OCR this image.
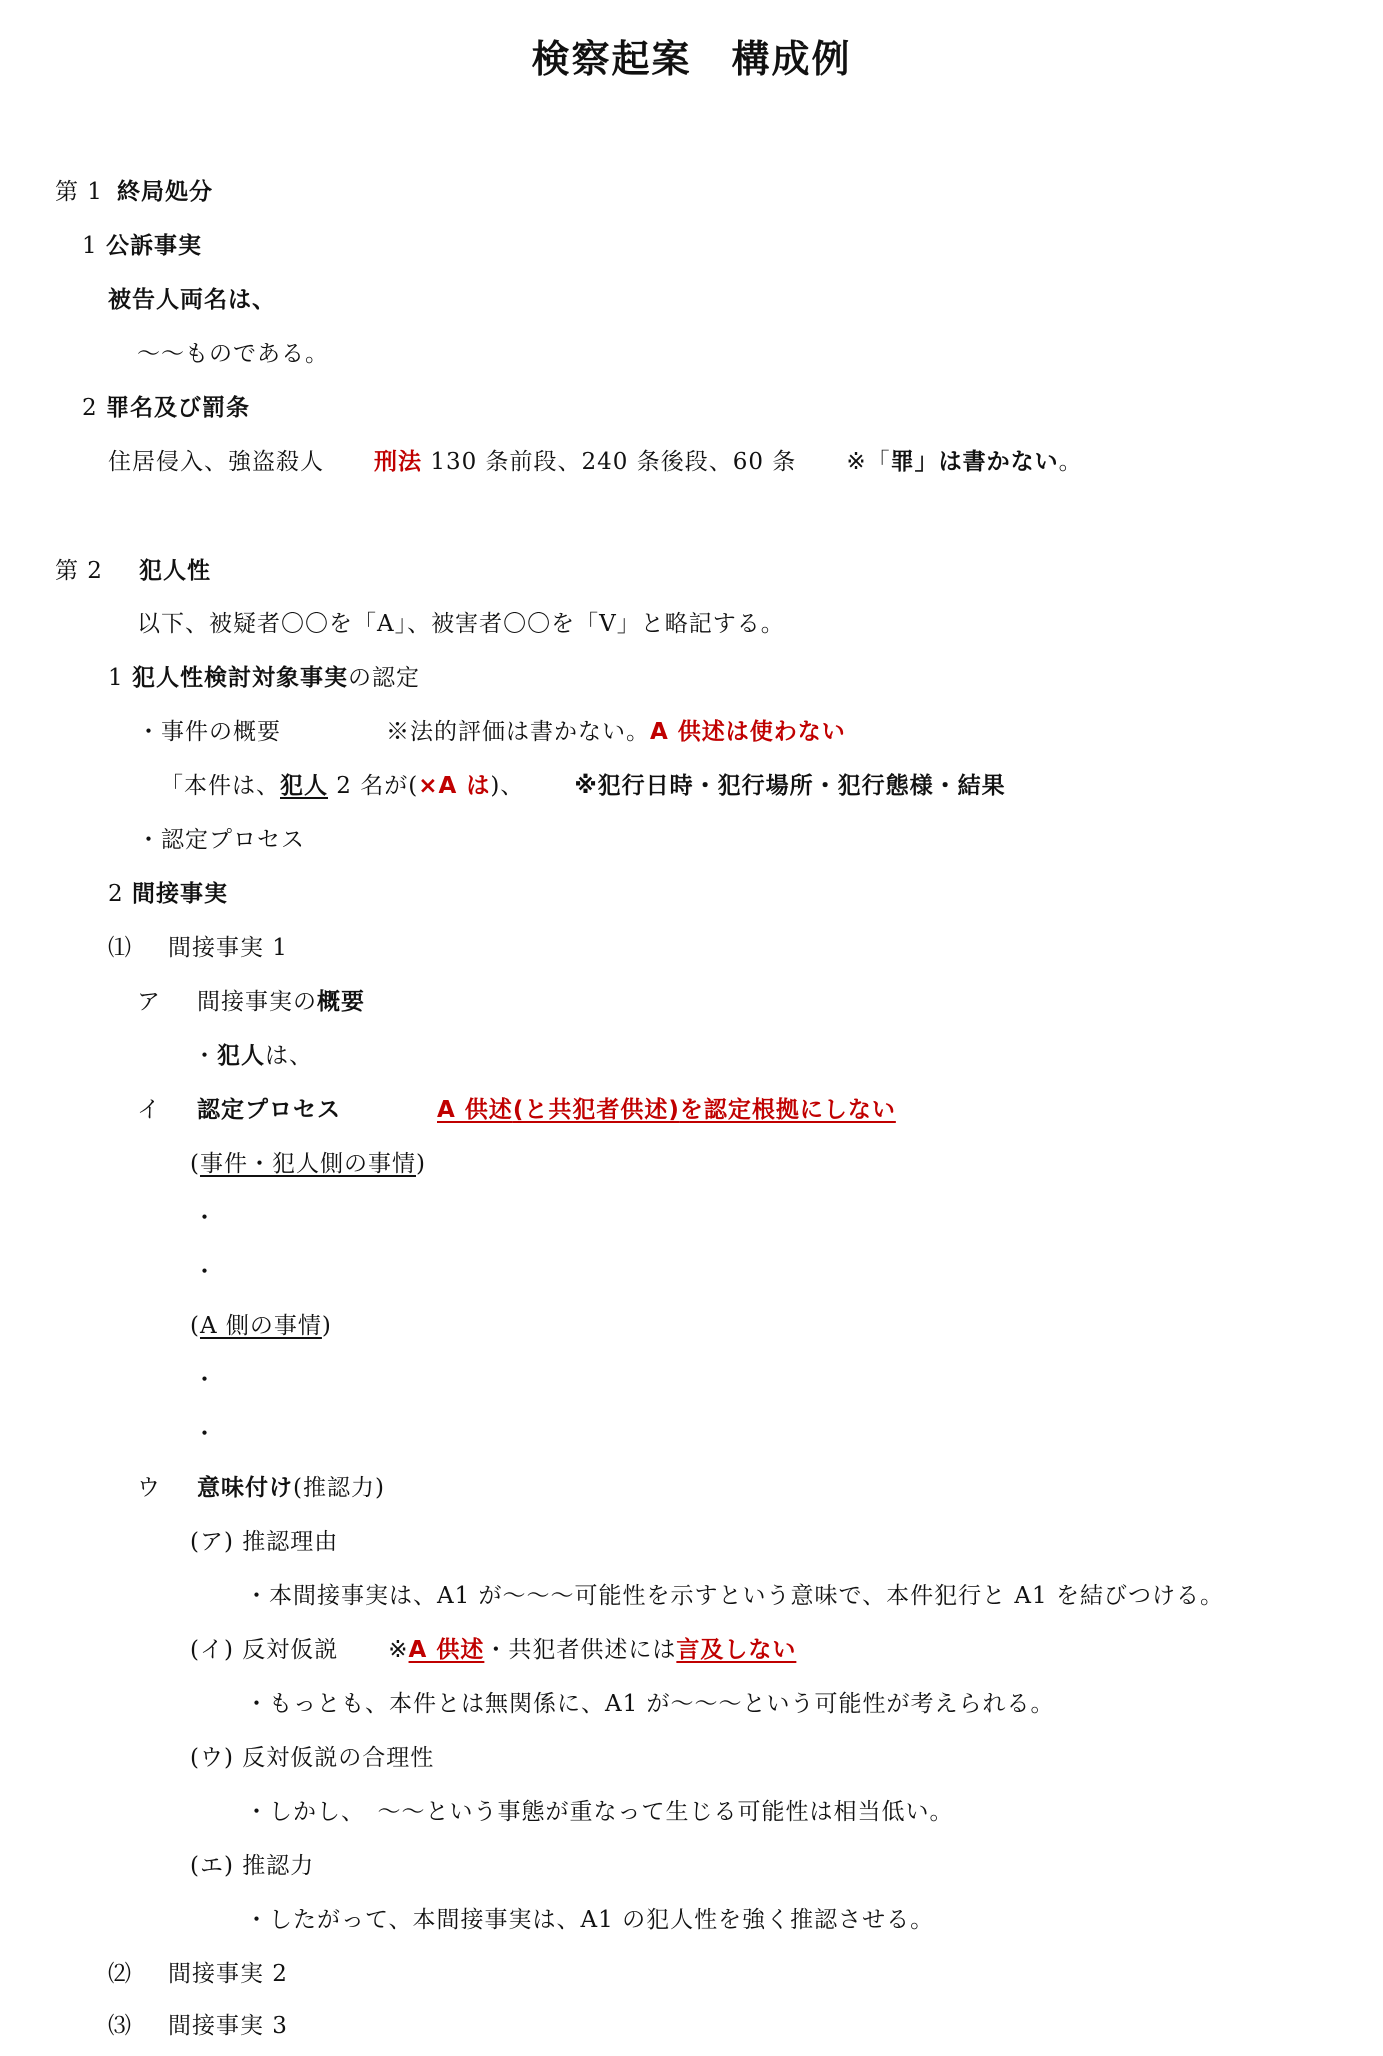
検察起案　構成例
第 1 終局処分
1 公訴事実
被告人両名は、
〜〜ものである。
2 罪名及び罰条
住居侵入、強盗殺人 刑法 130 条前段、240 条後段、60 条 ※「罪」は書かない。
第 2 犯人性
以下、被疑者〇〇を「A」、被害者〇〇を「V」と略記する。
1 犯人性検討対象事実の認定
・事件の概要	※法的評価は書かない。A 供述は使わない
「本件は、犯人 2 名が(×A は)、 ※犯行日時・犯行場所・犯行態様・結果
・認定プロセス
2 間接事実
⑴ 間接事実 1
ア 間接事実の概要
・犯人は、
イ 認定プロセス	A 供述(と共犯者供述)を認定根拠にしない
(事件・犯人側の事情)
・
・
(A 側の事情)
・
・
ウ 意味付け(推認力)
(ア) 推認理由
・本間接事実は、A1 が〜〜〜可能性を示すという意味で、本件犯行と A1 を結びつける。
(イ) 反対仮説 ※A 供述・共犯者供述には言及しない
・もっとも、本件とは無関係に、A1 が〜〜〜という可能性が考えられる。
(ウ) 反対仮説の合理性
・しかし、　〜〜という事態が重なって生じる可能性は相当低い。
(エ) 推認力
・したがって、本間接事実は、A1 の犯人性を強く推認させる。
⑵ 間接事実 2
⑶ 間接事実 3
